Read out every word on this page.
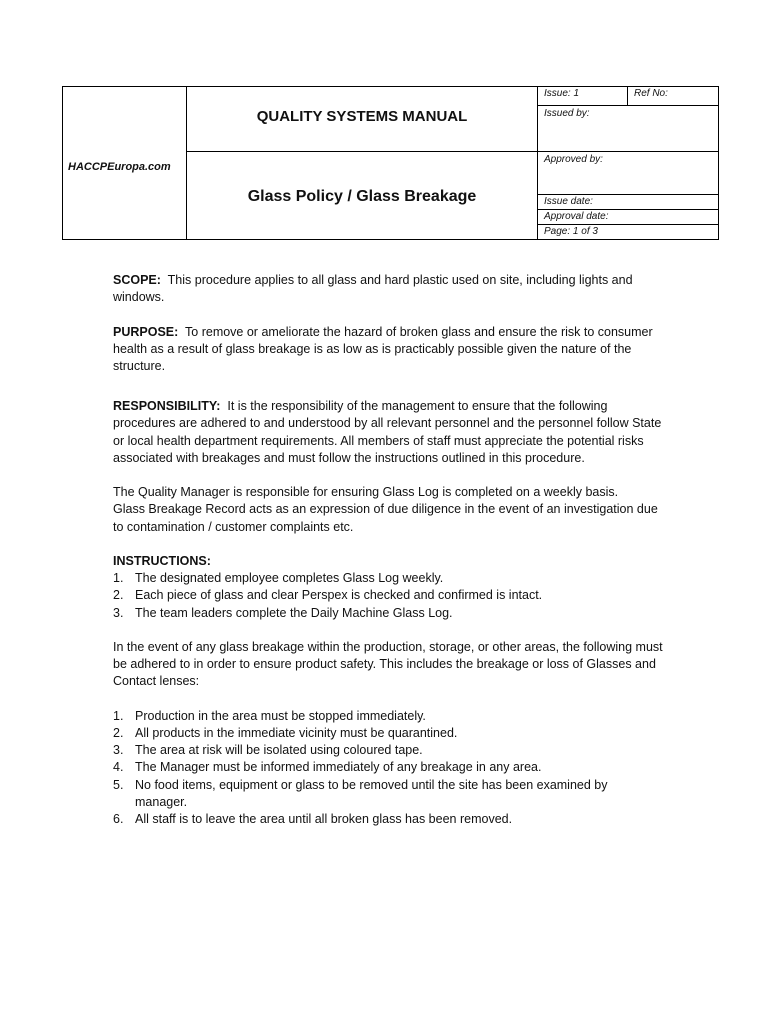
HACCPEuropa.com
QUALITY SYSTEMS MANUAL
Glass Policy / Glass Breakage
Issue: 1	Ref No:
Issued by:
Approved by:
Issue date:
Approval date:
Page: 1 of 3

SCOPE: This procedure applies to all glass and hard plastic used on site, including lights and windows.

PURPOSE: To remove or ameliorate the hazard of broken glass and ensure the risk to consumer health as a result of glass breakage is as low as is practicably possible given the nature of the structure.

RESPONSIBILITY: It is the responsibility of the management to ensure that the following procedures are adhered to and understood by all relevant personnel and the personnel follow State or local health department requirements. All members of staff must appreciate the potential risks associated with breakages and must follow the instructions outlined in this procedure.

The Quality Manager is responsible for ensuring Glass Log is completed on a weekly basis.

Glass Breakage Record acts as an expression of due diligence in the event of an investigation due to contamination / customer complaints etc.

INSTRUCTIONS:

1. The designated employee completes Glass Log weekly.
2. Each piece of glass and clear Perspex is checked and confirmed is intact.
3. The team leaders complete the Daily Machine Glass Log.

In the event of any glass breakage within the production, storage, or other areas, the following must be adhered to in order to ensure product safety. This includes the breakage or loss of Glasses and Contact lenses:

1. Production in the area must be stopped immediately.
2. All products in the immediate vicinity must be quarantined.
3. The area at risk will be isolated using coloured tape.
4. The Manager must be informed immediately of any breakage in any area.
5. No food items, equipment or glass to be removed until the site has been examined by manager.
6. All staff is to leave the area until all broken glass has been removed.
